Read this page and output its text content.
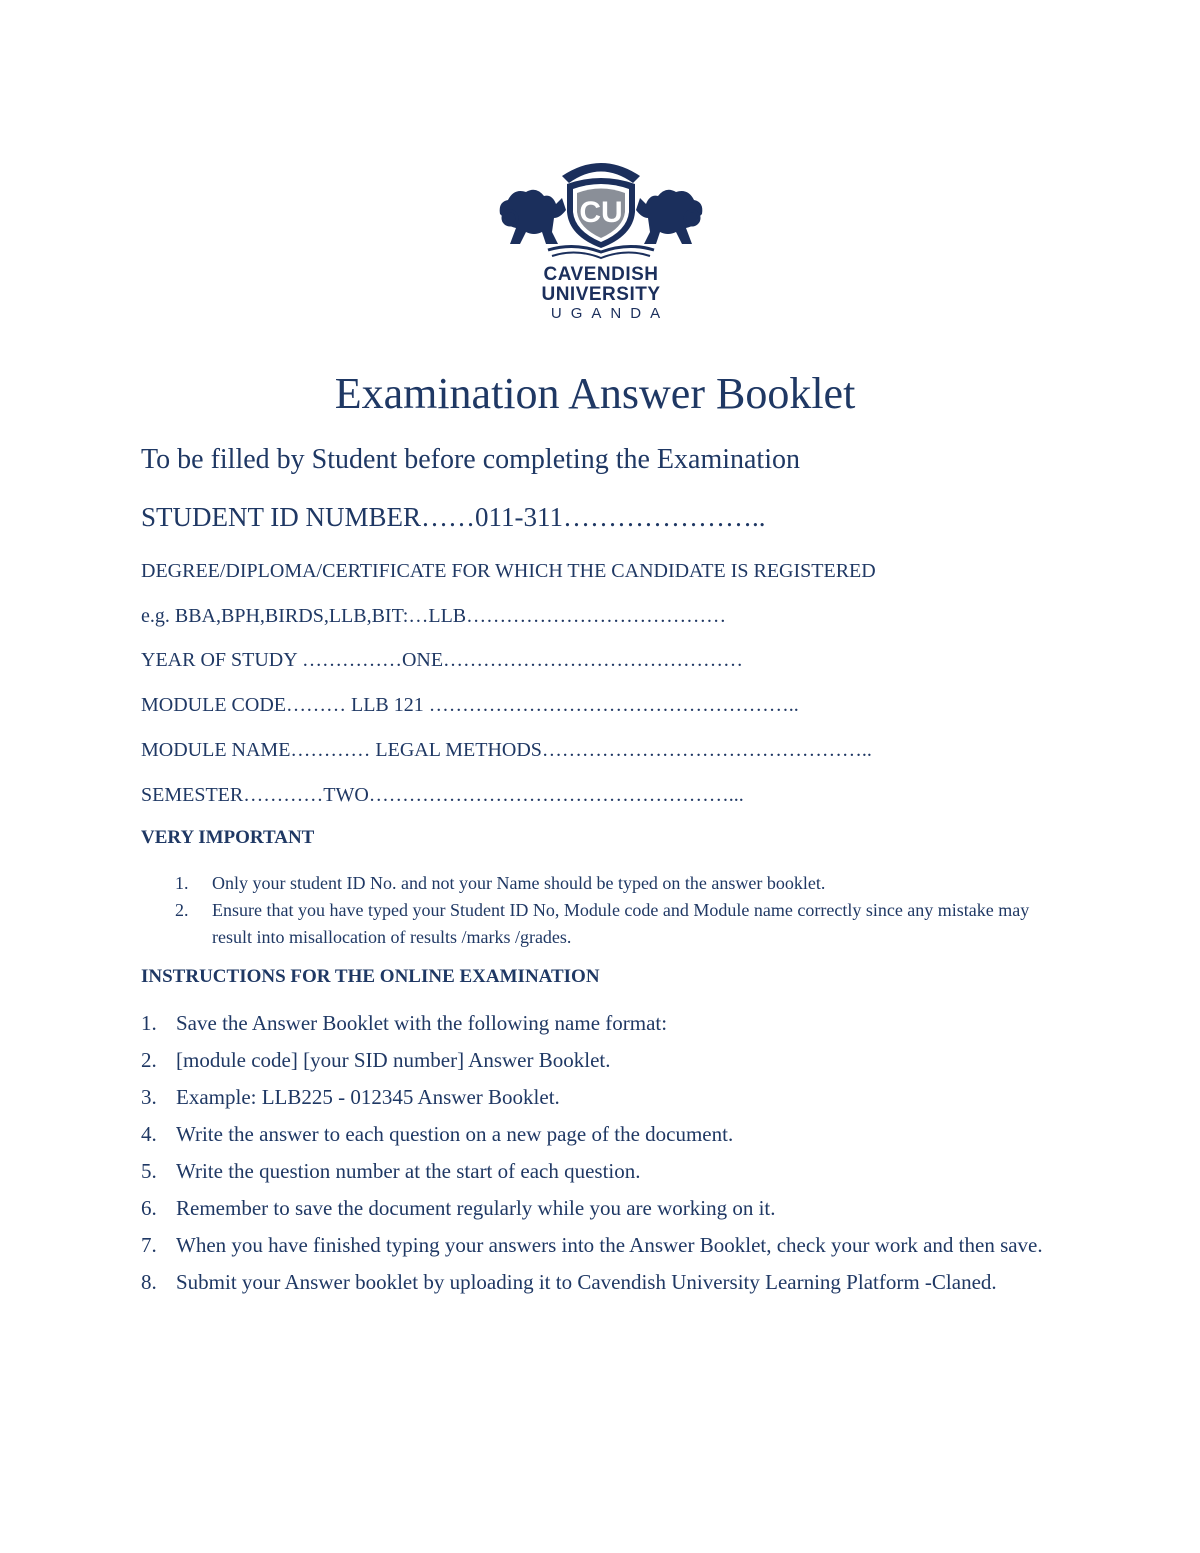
CU
CAVENDISH
UNIVERSITY
UGANDA
Examination Answer Booklet
To be filled by Student before completing the Examination
STUDENT ID NUMBER……011-311…………………..
DEGREE/DIPLOMA/CERTIFICATE FOR WHICH THE CANDIDATE IS REGISTERED
e.g. BBA,BPH,BIRDS,LLB,BIT:…LLB…………………………………
YEAR OF STUDY ……………ONE………………………………………
MODULE CODE……… LLB 121 ………………………………………………..
MODULE NAME………… LEGAL METHODS…………………………………………..
SEMESTER…………TWO………………………………………………...
VERY IMPORTANT
1. Only your student ID No. and not your Name should be typed on the answer booklet.
2. Ensure that you have typed your Student ID No, Module code and Module name correctly since any mistake may result into misallocation of results /marks /grades.
INSTRUCTIONS FOR THE ONLINE EXAMINATION
1. Save the Answer Booklet with the following name format:
2. [module code] [your SID number] Answer Booklet.
3. Example: LLB225 - 012345 Answer Booklet.
4. Write the answer to each question on a new page of the document.
5. Write the question number at the start of each question.
6. Remember to save the document regularly while you are working on it.
7. When you have finished typing your answers into the Answer Booklet, check your work and then save.
8. Submit your Answer booklet by uploading it to Cavendish University Learning Platform -Claned.
